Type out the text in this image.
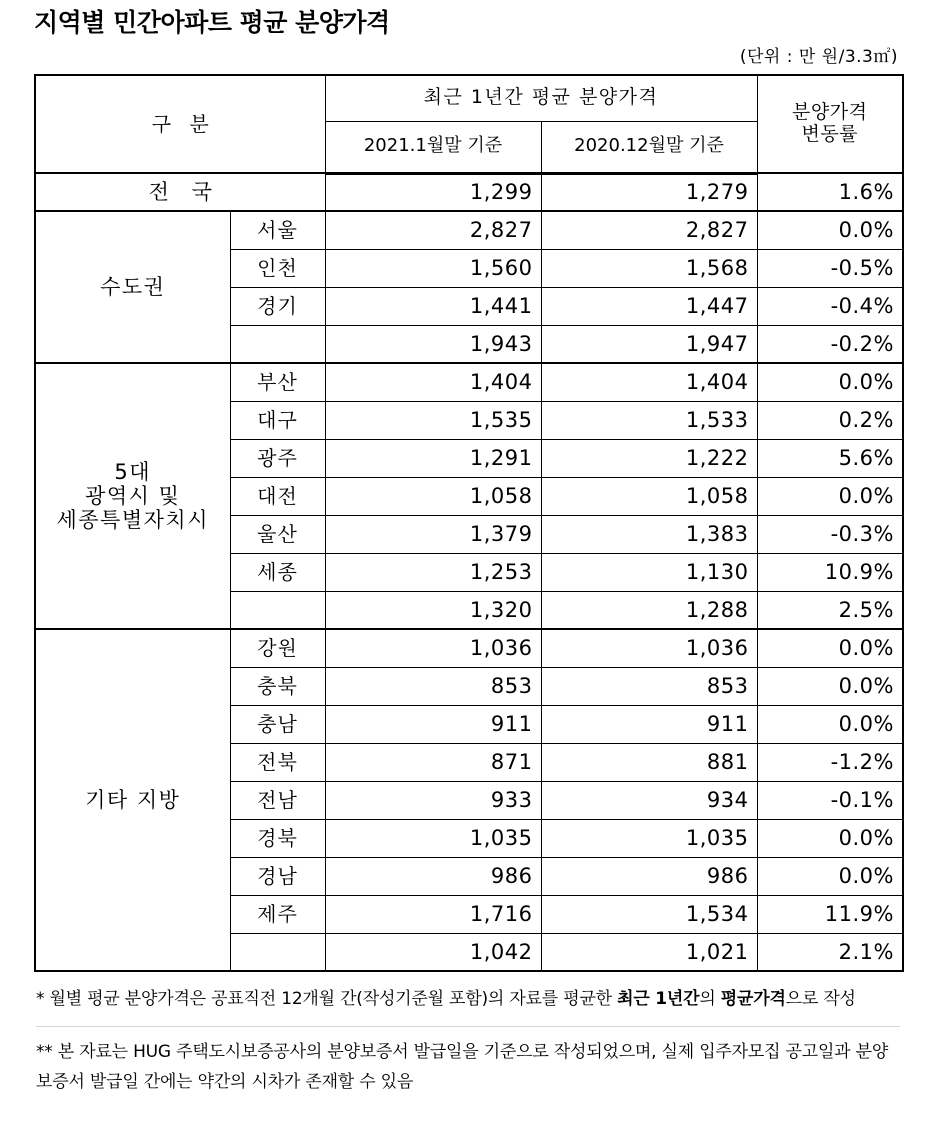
지역별 민간아파트 평균 분양가격
(단위 : 만 원/3.3㎡)
구 분		최근 1년간 평균 분양가격		분양가격
변동률
		2021.1월말 기준	2020.12월말 기준	
전 국		1,299	1,279	1.6%
수도권	서울	2,827	2,827	0.0%
	인천	1,560	1,568	-0.5%
	경기	1,441	1,447	-0.4%
		1,943	1,947	-0.2%
5대
광역시 및
세종특별자치시	부산	1,404	1,404	0.0%
	대구	1,535	1,533	0.2%
	광주	1,291	1,222	5.6%
	대전	1,058	1,058	0.0%
	울산	1,379	1,383	-0.3%
	세종	1,253	1,130	10.9%
		1,320	1,288	2.5%
기타 지방	강원	1,036	1,036	0.0%
	충북	853	853	0.0%
	충남	911	911	0.0%
	전북	871	881	-1.2%
	전남	933	934	-0.1%
	경북	1,035	1,035	0.0%
	경남	986	986	0.0%
	제주	1,716	1,534	11.9%
		1,042	1,021	2.1%

* 월별 평균 분양가격은 공표직전 12개월 간(작성기준월 포함)의 자료를 평균한 최근 1년간의 평균가격으로 작성

** 본 자료는 HUG 주택도시보증공사의 분양보증서 발급일을 기준으로 작성되었으며, 실제 입주자모집 공고일과 분양보증서 발급일 간에는 약간의 시차가 존재할 수 있음
